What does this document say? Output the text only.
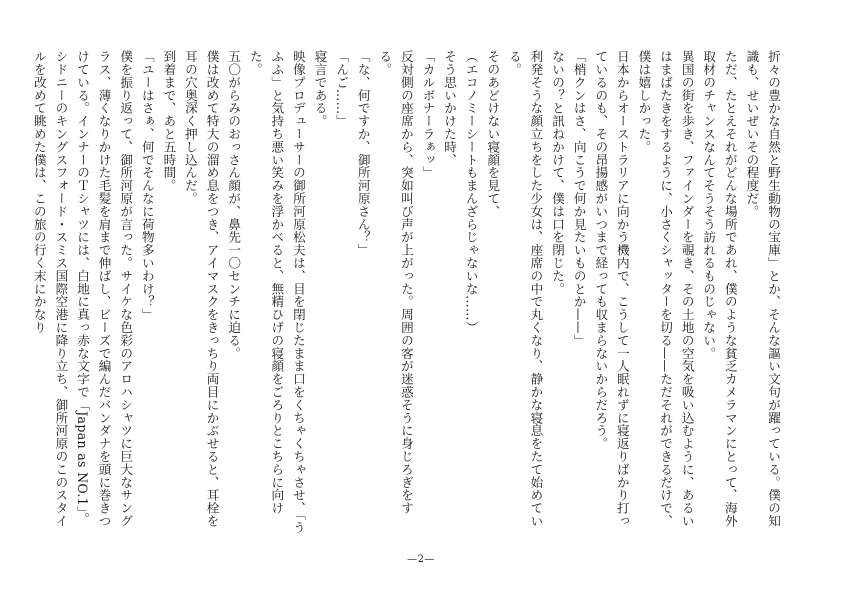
折々の豊かな自然と野生動物の宝庫」とか、そんな謳い文句が躍っている。僕の知識も、せいぜいその程度だ。

ただ、たとえそれがどんな場所であれ、僕のような貧乏カメラマンにとって、海外取材のチャンスなんてそうそう訪れるものじゃない。

異国の街を歩き、ファインダーを覗き、その土地の空気を吸い込むように、あるいはまばたきをするように、小さくシャッターを切る——ただそれができるだけで、僕は嬉しかった。

日本からオーストラリアに向かう機内で、こうして一人眠れずに寝返りばかり打っているのも、その昂揚感がいつまで経っても収まらないからだろう。

「梢クンはさ、向こうで何か見たいものとか——」

ないの？と訊ねかけて、僕は口を閉じた。

利発そうな顔立ちをした少女は、座席の中で丸くなり、静かな寝息をたて始めている。

そのあどけない寝顔を見て、

（エコノミーシートもまんざらじゃないな……）

そう思いかけた時、

「カルボナーラぁッ」

反対側の座席から、突如叫び声が上がった。周囲の客が迷惑そうに身じろぎをする。

「な、何ですか、御所河原さん？」

「んご……」

寝言である。

映像プロデューサーの御所河原松夫は、目を閉じたまま口をくちゃくちゃさせ、「うふふ」と気持ち悪い笑みを浮かべると、無精ひげの寝顔をごろりとこちらに向けた。

五〇がらみのおっさん顔が、鼻先一〇センチに迫る。

僕は改めて特大の溜め息をつき、アイマスクをきっちり両目にかぶせると、耳栓を耳の穴奥深く押し込んだ。

到着まで、あと五時間。

「ユーはさぁ、何でそんなに荷物多いわけ？」

僕を振り返って、御所河原が言った。サイケな色彩のアロハシャツに巨大なサングラス、薄くなりかけた毛髪を肩まで伸ばし、ビーズで編んだバンダナを頭に巻きつけている。インナーのＴシャツには、白地に真っ赤な文字で「Japan as NO.1」。

シドニーのキングスフォード・スミス国際空港に降り立ち、御所河原のこのスタイルを改めて眺めた僕は、この旅の行く末にかなり

—2—
